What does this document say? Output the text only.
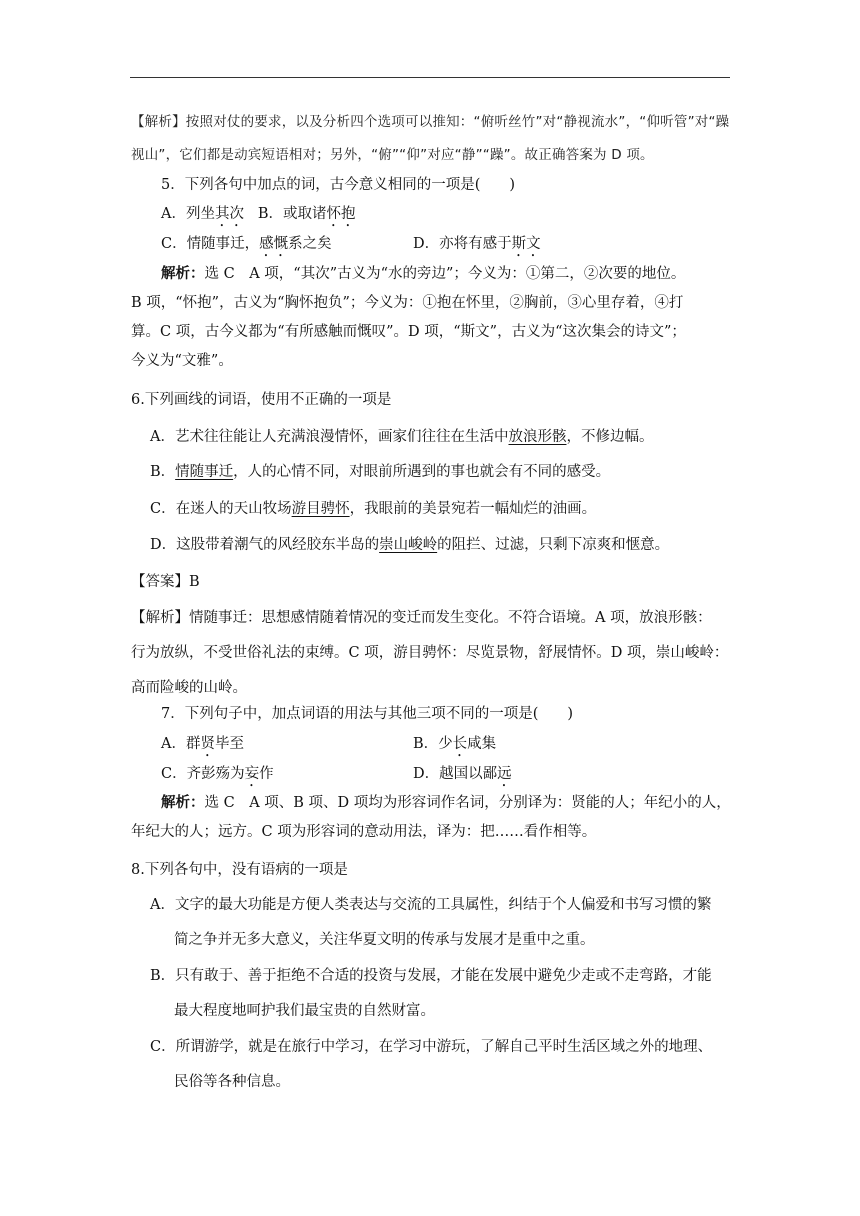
【解析】按照对仗的要求，以及分析四个选项可以推知：“俯听丝竹”对“静视流水”，“仰听管”对“躁
视山”，它们都是动宾短语相对；另外，“俯”“仰”对应“静”“躁”。故正确答案为 D 项。
5．下列各句中加点的词，古今意义相同的一项是(　　)
A．列坐其次 B．或取诸怀抱
C．情随事迁，感慨系之矣	D．亦将有感于斯文
解析：选 C　A 项，“其次”古义为“水的旁边”；今义为：①第二，②次要的地位。
B 项，“怀抱”，古义为“胸怀抱负”；今义为：①抱在怀里，②胸前，③心里存着，④打
算。C 项，古今义都为“有所感触而慨叹”。D 项，“斯文”，古义为“这次集会的诗文”；
今义为“文雅”。
6.下列画线的词语，使用不正确的一项是
A．艺术往往能让人充满浪漫情怀，画家们往往在生活中放浪形骸，不修边幅。
B．情随事迁，人的心情不同，对眼前所遇到的事也就会有不同的感受。
C．在迷人的天山牧场游目骋怀，我眼前的美景宛若一幅灿烂的油画。
D．这股带着潮气的风经胶东半岛的崇山峻岭的阻拦、过滤，只剩下凉爽和惬意。
【答案】B
【解析】情随事迁：思想感情随着情况的变迁而发生变化。不符合语境。A 项，放浪形骸：
行为放纵，不受世俗礼法的束缚。C 项，游目骋怀：尽览景物，舒展情怀。D 项，崇山峻岭：
高而险峻的山岭。
7．下列句子中，加点词语的用法与其他三项不同的一项是(　　)
A．群贤毕至	B．少长咸集
C．齐彭殇为妄作	D．越国以鄙远
解析：选 C　A 项、B 项、D 项均为形容词作名词，分别译为：贤能的人；年纪小的人，
年纪大的人；远方。C 项为形容词的意动用法，译为：把……看作相等。
8.下列各句中，没有语病的一项是
A．文字的最大功能是方便人类表达与交流的工具属性，纠结于个人偏爱和书写习惯的繁
简之争并无多大意义，关注华夏文明的传承与发展才是重中之重。
B．只有敢于、善于拒绝不合适的投资与发展，才能在发展中避免少走或不走弯路，才能
最大程度地呵护我们最宝贵的自然财富。
C．所谓游学，就是在旅行中学习，在学习中游玩，了解自己平时生活区域之外的地理、
民俗等各种信息。
